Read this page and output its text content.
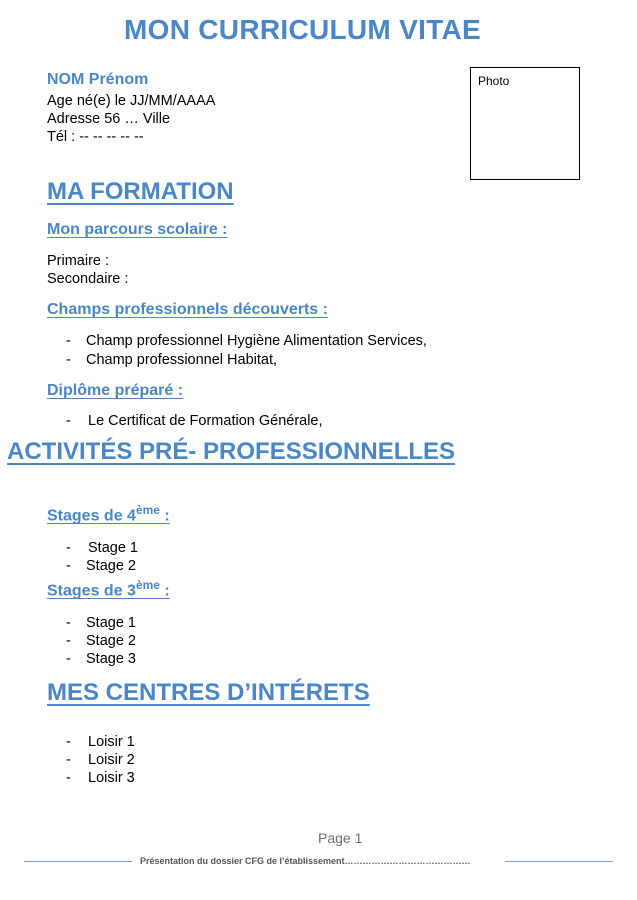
MON CURRICULUM VITAE
NOM Prénom
Age né(e) le JJ/MM/AAAA
Adresse 56 … Ville
Tél : -- -- -- -- --
Photo
MA FORMATION
Mon parcours scolaire :
Primaire :
Secondaire :
Champs professionnels découverts :
- Champ professionnel Hygiène Alimentation Services,
- Champ professionnel Habitat,
Diplôme préparé :
- Le Certificat de Formation Générale,
ACTIVITÉS PRÉ- PROFESSIONNELLES
Stages de 4ème :
- Stage 1
- Stage 2
Stages de 3ème :
- Stage 1
- Stage 2
- Stage 3
MES CENTRES D’INTÉRETS
- Loisir 1
- Loisir 2
- Loisir 3
Page 1
Présentation du dossier CFG de l’établissement……………………………………
